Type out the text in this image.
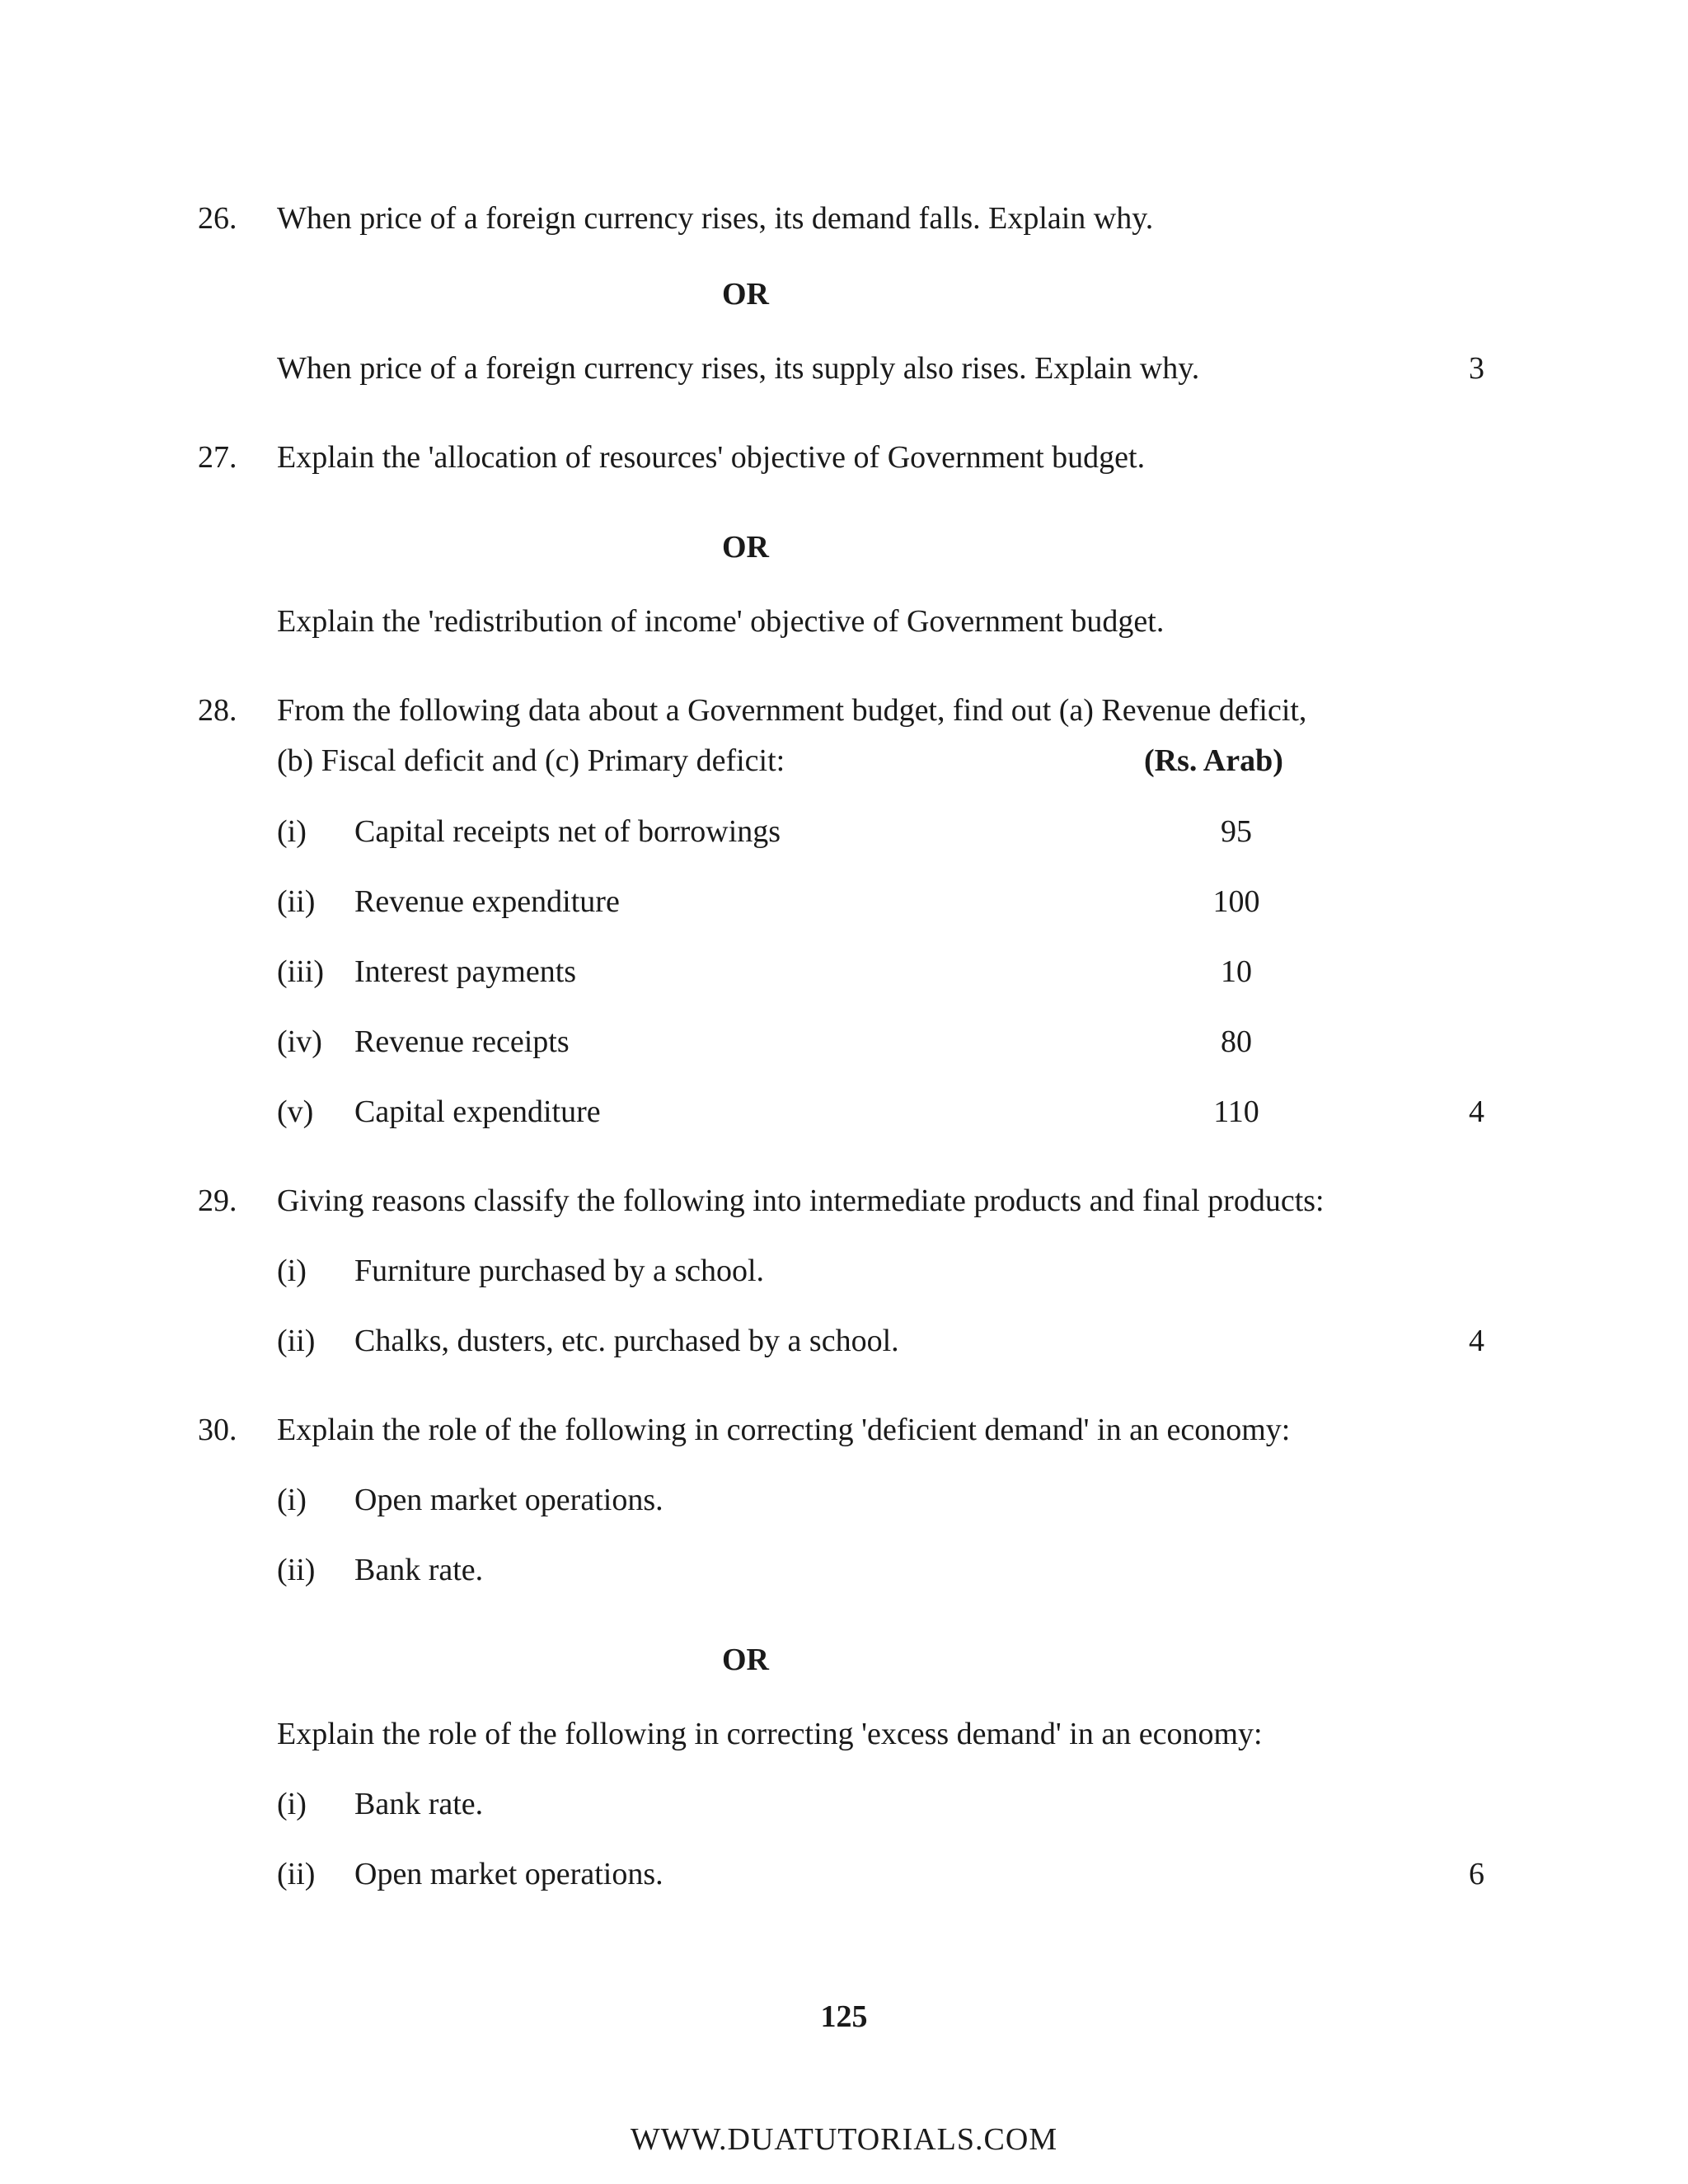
26. When price of a foreign currency rises, its demand falls. Explain why.
OR
When price of a foreign currency rises, its supply also rises. Explain why.	3
27. Explain the 'allocation of resources' objective of Government budget.
OR
Explain the 'redistribution of income' objective of Government budget.
28. From the following data about a Government budget, find out (a) Revenue deficit,
(b) Fiscal deficit and (c) Primary deficit:	(Rs. Arab)
(i) Capital receipts net of borrowings	95
(ii) Revenue expenditure	100
(iii) Interest payments	10
(iv) Revenue receipts	80
(v) Capital expenditure	110	4
29. Giving reasons classify the following into intermediate products and final products:
(i) Furniture purchased by a school.
(ii) Chalks, dusters, etc. purchased by a school.	4
30. Explain the role of the following in correcting 'deficient demand' in an economy:
(i) Open market operations.
(ii) Bank rate.
OR
Explain the role of the following in correcting 'excess demand' in an economy:
(i) Bank rate.
(ii) Open market operations.	6
125
WWW.DUATUTORIALS.COM
